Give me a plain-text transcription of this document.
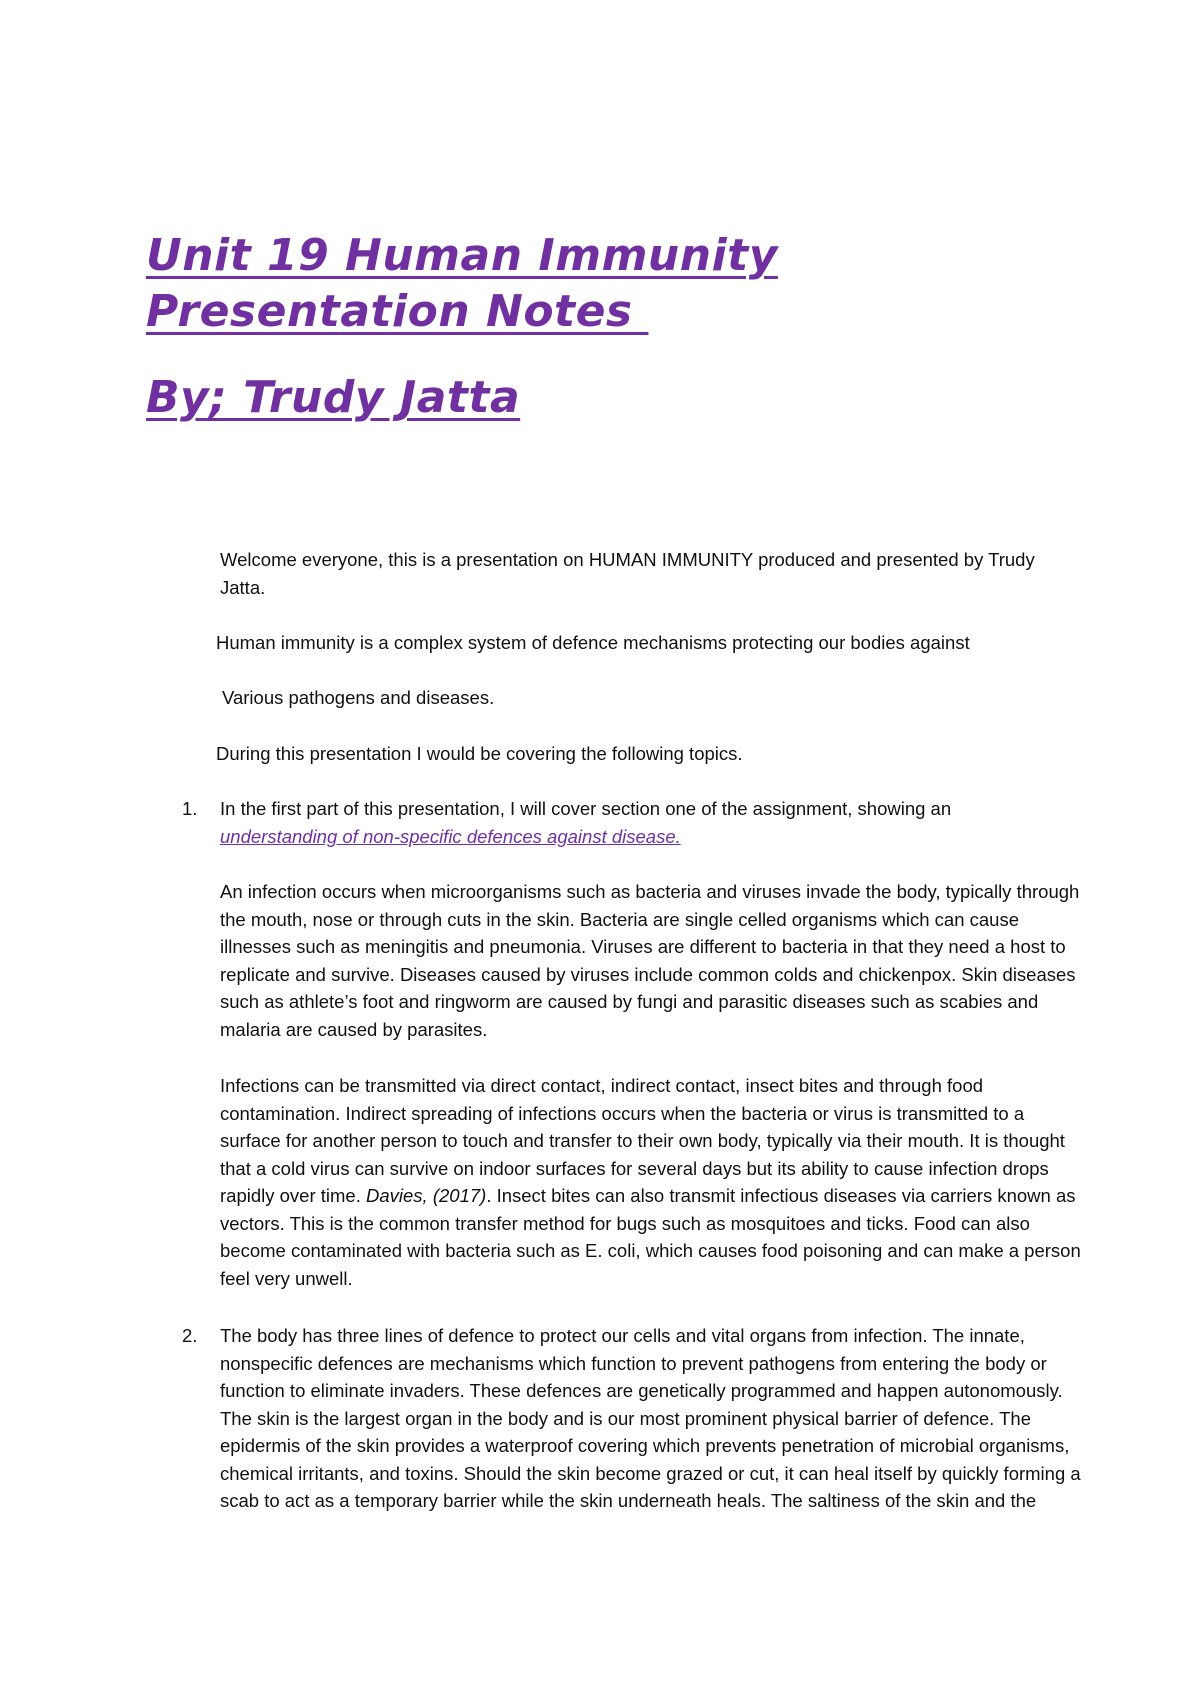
Unit 19 Human Immunity
Presentation Notes
By; Trudy Jatta

Welcome everyone, this is a presentation on HUMAN IMMUNITY produced and presented by Trudy Jatta.

Human immunity is a complex system of defence mechanisms protecting our bodies against

Various pathogens and diseases.

During this presentation I would be covering the following topics.

1. In the first part of this presentation, I will cover section one of the assignment, showing an
understanding of non-specific defences against disease.

An infection occurs when microorganisms such as bacteria and viruses invade the body, typically through the mouth, nose or through cuts in the skin. Bacteria are single celled organisms which can cause illnesses such as meningitis and pneumonia. Viruses are different to bacteria in that they need a host to replicate and survive. Diseases caused by viruses include common colds and chickenpox. Skin diseases such as athlete’s foot and ringworm are caused by fungi and parasitic diseases such as scabies and malaria are caused by parasites.

Infections can be transmitted via direct contact, indirect contact, insect bites and through food contamination. Indirect spreading of infections occurs when the bacteria or virus is transmitted to a surface for another person to touch and transfer to their own body, typically via their mouth. It is thought that a cold virus can survive on indoor surfaces for several days but its ability to cause infection drops rapidly over time. Davies, (2017). Insect bites can also transmit infectious diseases via carriers known as vectors. This is the common transfer method for bugs such as mosquitoes and ticks. Food can also become contaminated with bacteria such as E. coli, which causes food poisoning and can make a person feel very unwell.

2. The body has three lines of defence to protect our cells and vital organs from infection. The innate, nonspecific defences are mechanisms which function to prevent pathogens from entering the body or function to eliminate invaders. These defences are genetically programmed and happen autonomously. The skin is the largest organ in the body and is our most prominent physical barrier of defence. The epidermis of the skin provides a waterproof covering which prevents penetration of microbial organisms, chemical irritants, and toxins. Should the skin become grazed or cut, it can heal itself by quickly forming a scab to act as a temporary barrier while the skin underneath heals. The saltiness of the skin and the
